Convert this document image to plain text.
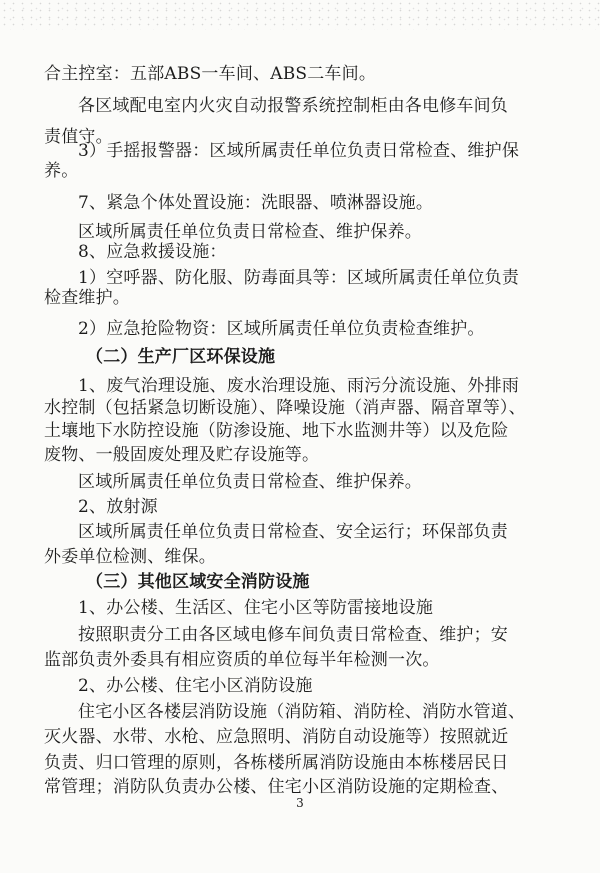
合主控室：五部ABS一车间、ABS二车间。
各区域配电室内火灾自动报警系统控制柜由各电修车间负
责值守。
3）手摇报警器：区域所属责任单位负责日常检查、维护保
养。
7、紧急个体处置设施：洗眼器、喷淋器设施。
区域所属责任单位负责日常检查、维护保养。
8、应急救援设施：
1）空呼器、防化服、防毒面具等：区域所属责任单位负责
检查维护。
2）应急抢险物资：区域所属责任单位负责检查维护。
（二）生产厂区环保设施
1、废气治理设施、废水治理设施、雨污分流设施、外排雨
水控制（包括紧急切断设施）、降噪设施（消声器、隔音罩等）、
土壤地下水防控设施（防渗设施、地下水监测井等）以及危险
废物、一般固废处理及贮存设施等。
区域所属责任单位负责日常检查、维护保养。
2、放射源
区域所属责任单位负责日常检查、安全运行；环保部负责
外委单位检测、维保。
（三）其他区域安全消防设施
1、办公楼、生活区、住宅小区等防雷接地设施
按照职责分工由各区域电修车间负责日常检查、维护；安
监部负责外委具有相应资质的单位每半年检测一次。
2、办公楼、住宅小区消防设施
住宅小区各楼层消防设施（消防箱、消防栓、消防水管道、
灭火器、水带、水枪、应急照明、消防自动设施等）按照就近
负责、归口管理的原则，各栋楼所属消防设施由本栋楼居民日
常管理；消防队负责办公楼、住宅小区消防设施的定期检查、
3
